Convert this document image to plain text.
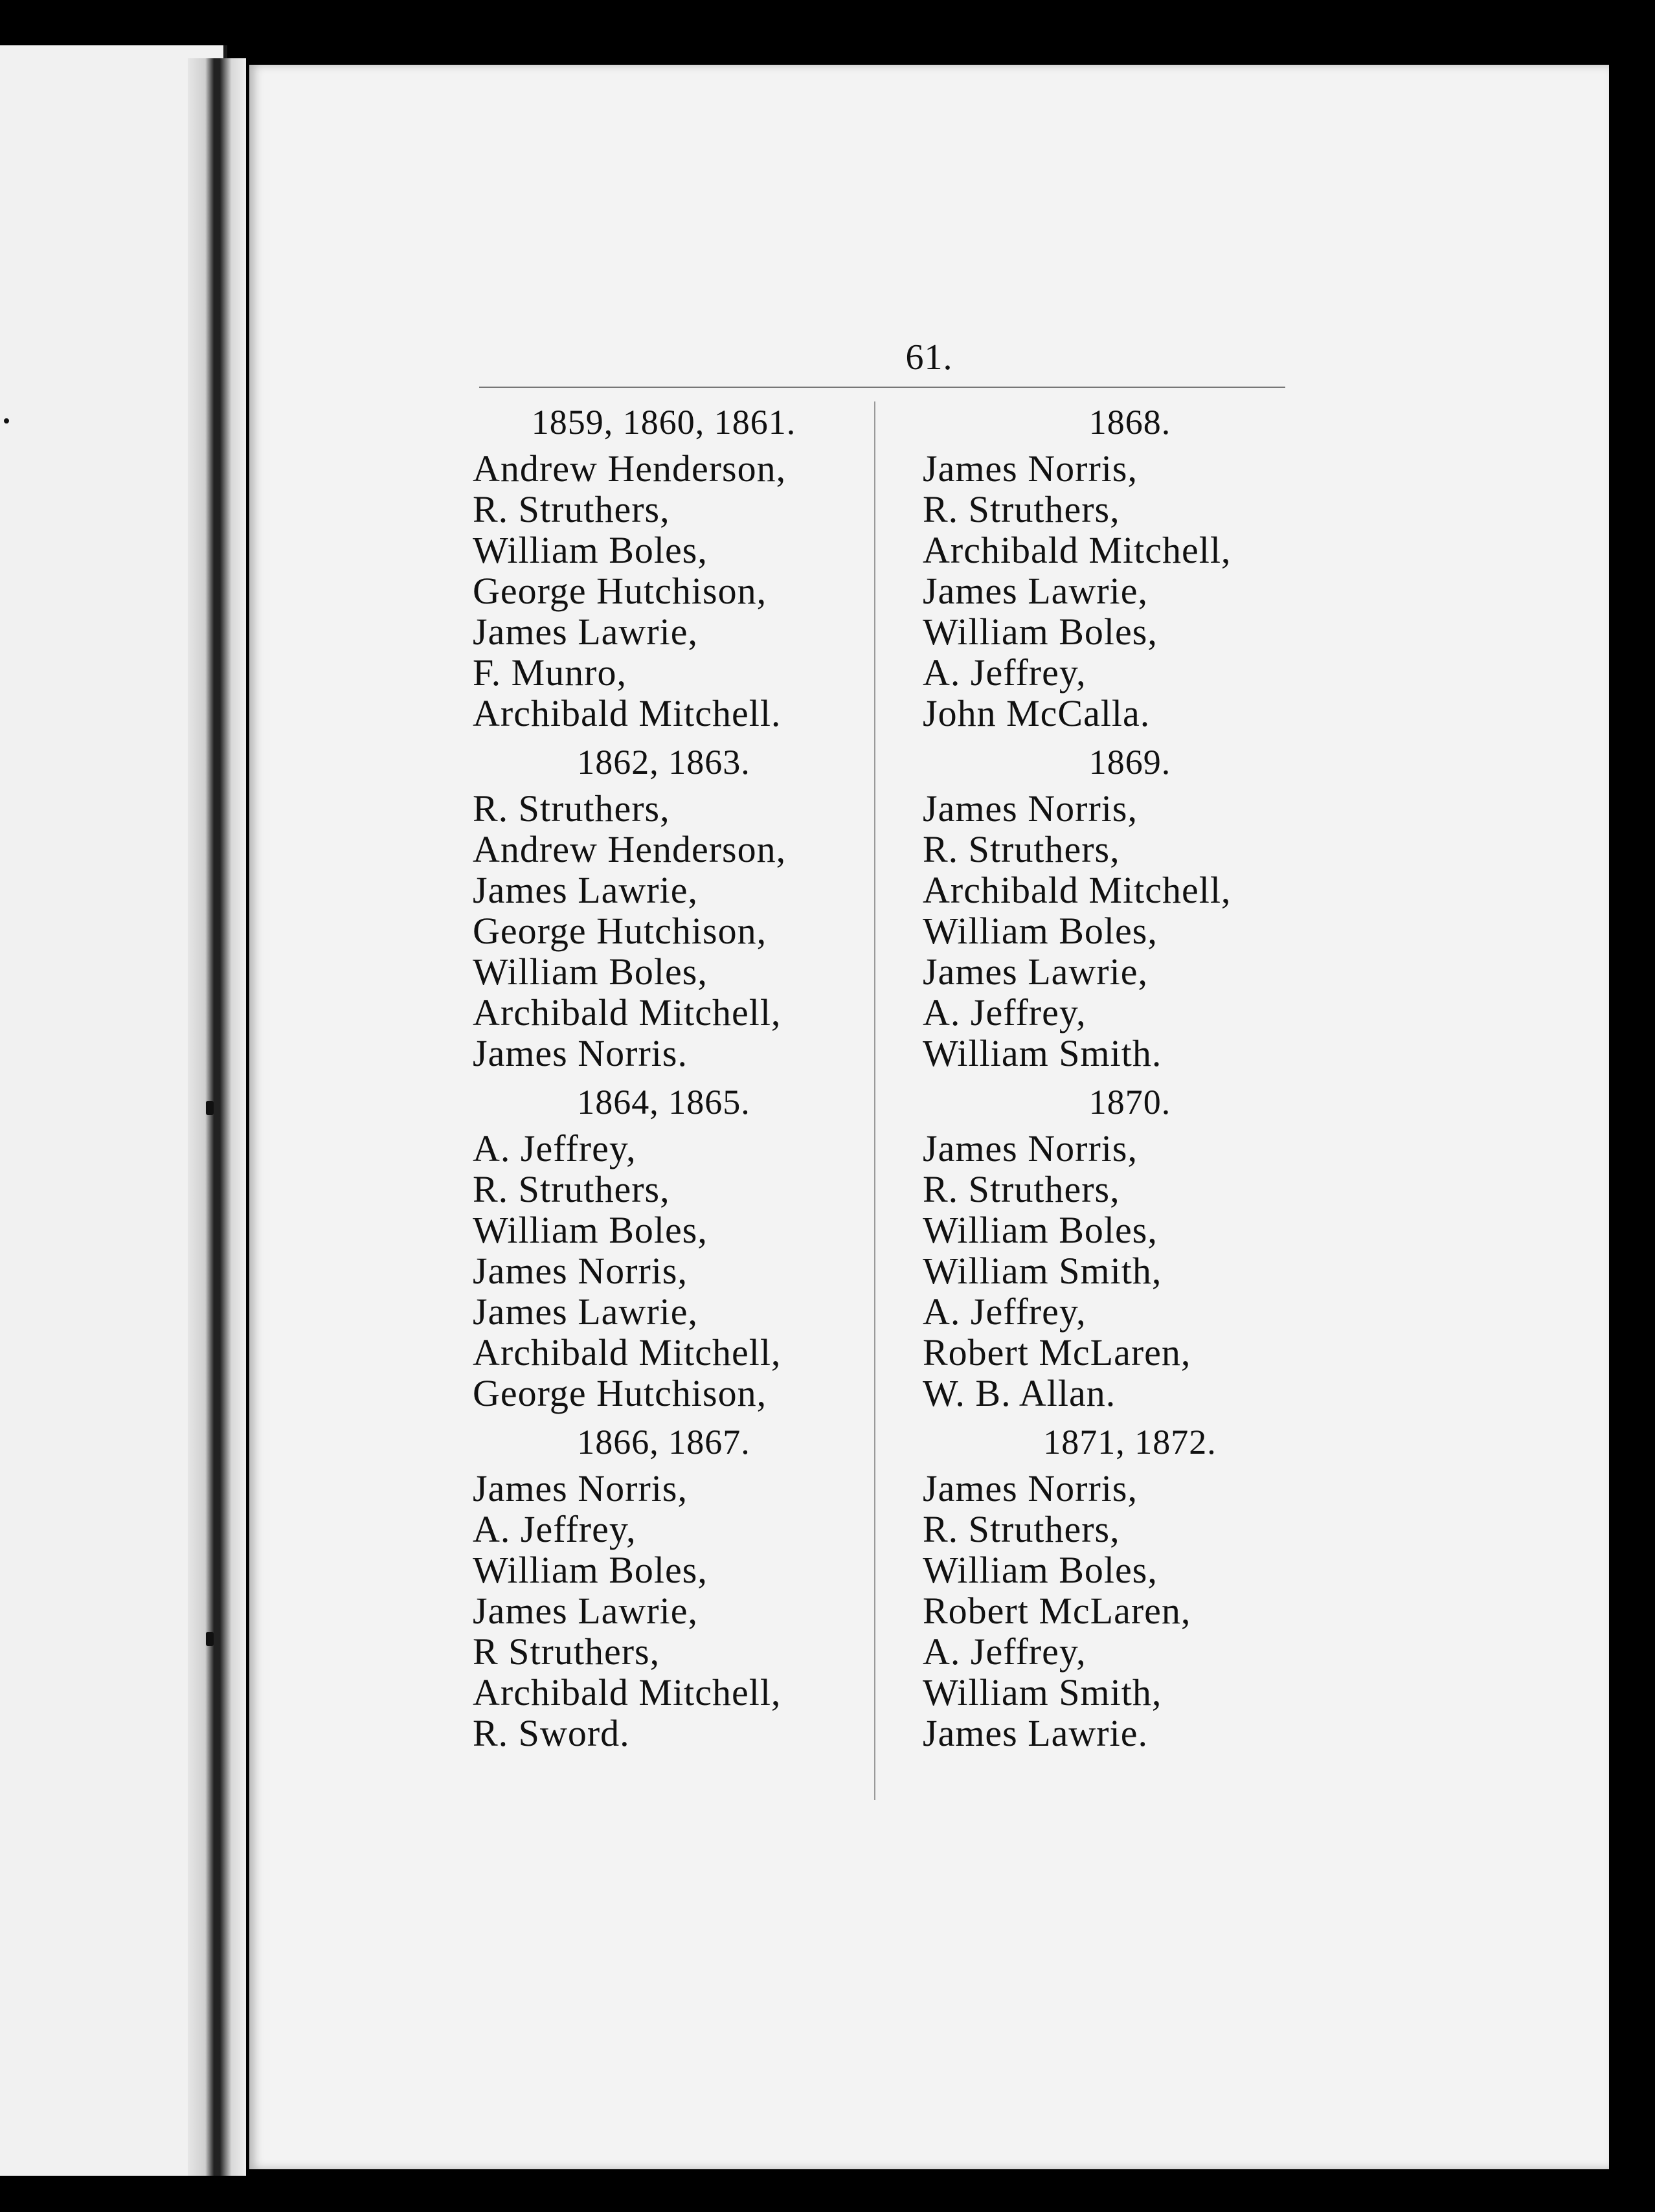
61.
1859, 1860, 1861.
Andrew Henderson,
R. Struthers,
William Boles,
George Hutchison,
James Lawrie,
F. Munro,
Archibald Mitchell.
1862, 1863.
R. Struthers,
Andrew Henderson,
James Lawrie,
George Hutchison,
William Boles,
Archibald Mitchell,
James Norris.
1864, 1865.
A. Jeffrey,
R. Struthers,
William Boles,
James Norris,
James Lawrie,
Archibald Mitchell,
George Hutchison,
1866, 1867.
James Norris,
A. Jeffrey,
William Boles,
James Lawrie,
R Struthers,
Archibald Mitchell,
R. Sword.
1868.
James Norris,
R. Struthers,
Archibald Mitchell,
James Lawrie,
William Boles,
A. Jeffrey,
John McCalla.
1869.
James Norris,
R. Struthers,
Archibald Mitchell,
William Boles,
James Lawrie,
A. Jeffrey,
William Smith.
1870.
James Norris,
R. Struthers,
William Boles,
William Smith,
A. Jeffrey,
Robert McLaren,
W. B. Allan.
1871, 1872.
James Norris,
R. Struthers,
William Boles,
Robert McLaren,
A. Jeffrey,
William Smith,
James Lawrie.
